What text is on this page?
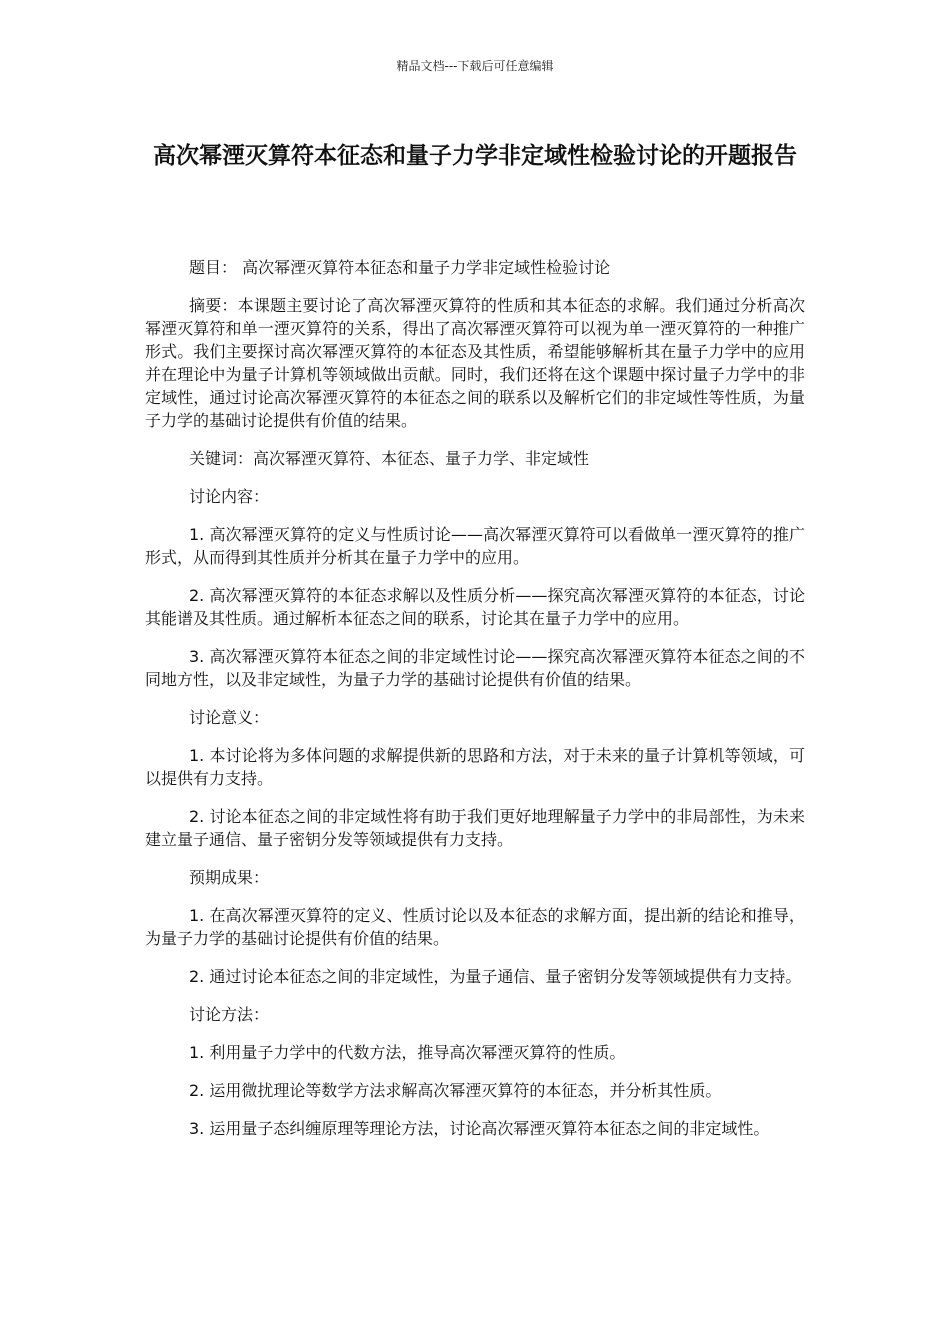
精品文档---下载后可任意编辑
高次幂湮灭算符本征态和量子力学非定域性检验讨论的开题报告

题目： 高次幂湮灭算符本征态和量子力学非定域性检验讨论

摘要：本课题主要讨论了高次幂湮灭算符的性质和其本征态的求解。我们通过分析高次幂湮灭算符和单一湮灭算符的关系，得出了高次幂湮灭算符可以视为单一湮灭算符的一种推广形式。我们主要探讨高次幂湮灭算符的本征态及其性质，希望能够解析其在量子力学中的应用并在理论中为量子计算机等领域做出贡献。同时，我们还将在这个课题中探讨量子力学中的非定域性，通过讨论高次幂湮灭算符的本征态之间的联系以及解析它们的非定域性等性质，为量子力学的基础讨论提供有价值的结果。

关键词：高次幂湮灭算符、本征态、量子力学、非定域性

讨论内容：

1. 高次幂湮灭算符的定义与性质讨论——高次幂湮灭算符可以看做单一湮灭算符的推广形式，从而得到其性质并分析其在量子力学中的应用。

2. 高次幂湮灭算符的本征态求解以及性质分析——探究高次幂湮灭算符的本征态，讨论其能谱及其性质。通过解析本征态之间的联系，讨论其在量子力学中的应用。

3. 高次幂湮灭算符本征态之间的非定域性讨论——探究高次幂湮灭算符本征态之间的不同地方性，以及非定域性，为量子力学的基础讨论提供有价值的结果。

讨论意义：

1. 本讨论将为多体问题的求解提供新的思路和方法，对于未来的量子计算机等领域，可以提供有力支持。

2. 讨论本征态之间的非定域性将有助于我们更好地理解量子力学中的非局部性，为未来建立量子通信、量子密钥分发等领域提供有力支持。

预期成果：

1. 在高次幂湮灭算符的定义、性质讨论以及本征态的求解方面，提出新的结论和推导，为量子力学的基础讨论提供有价值的结果。

2. 通过讨论本征态之间的非定域性，为量子通信、量子密钥分发等领域提供有力支持。

讨论方法：

1. 利用量子力学中的代数方法，推导高次幂湮灭算符的性质。

2. 运用微扰理论等数学方法求解高次幂湮灭算符的本征态，并分析其性质。

3. 运用量子态纠缠原理等理论方法，讨论高次幂湮灭算符本征态之间的非定域性。
